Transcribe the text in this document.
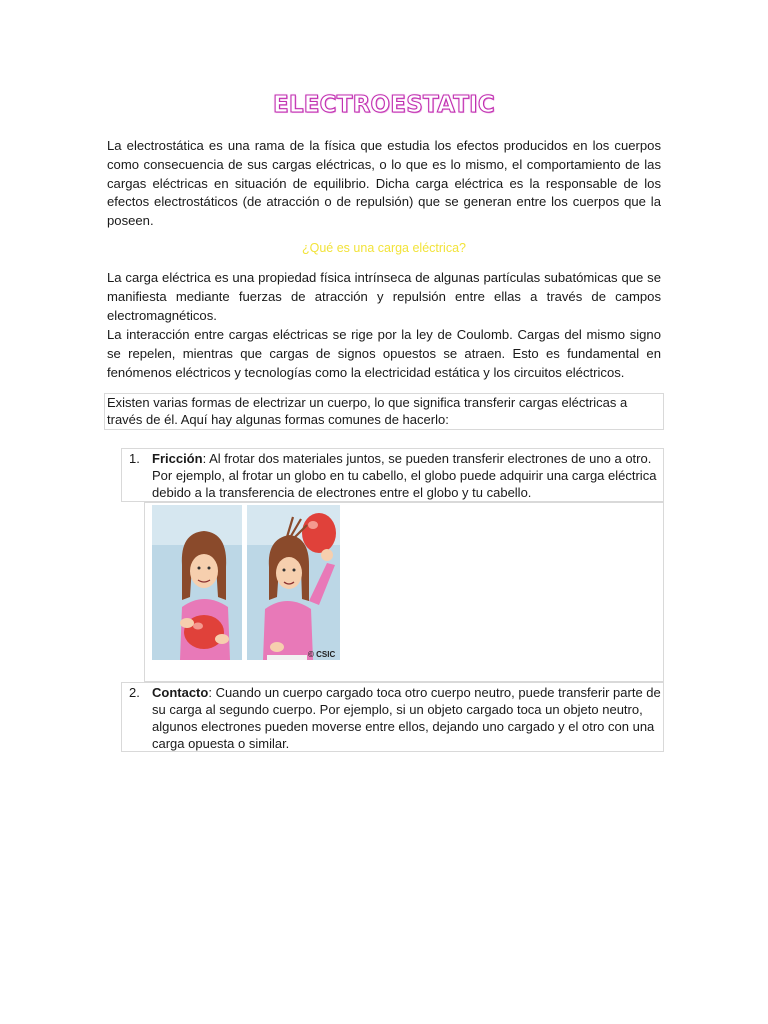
ELECTROESTATIC

La electrostática es una rama de la física que estudia los efectos producidos en los cuerpos como consecuencia de sus cargas eléctricas, o lo que es lo mismo, el comportamiento de las cargas eléctricas en situación de equilibrio. Dicha carga eléctrica es la responsable de los efectos electrostáticos (de atracción o de repulsión) que se generan entre los cuerpos que la poseen.

¿Qué es una carga eléctrica?

La carga eléctrica es una propiedad física intrínseca de algunas partículas subatómicas que se manifiesta mediante fuerzas de atracción y repulsión entre ellas a través de campos electromagnéticos.

La interacción entre cargas eléctricas se rige por la ley de Coulomb. Cargas del mismo signo se repelen, mientras que cargas de signos opuestos se atraen. Esto es fundamental en fenómenos eléctricos y tecnologías como la electricidad estática y los circuitos eléctricos.

Existen varias formas de electrizar un cuerpo, lo que significa transferir cargas eléctricas a través de él. Aquí hay algunas formas comunes de hacerlo:

1. Fricción: Al frotar dos materiales juntos, se pueden transferir electrones de uno a otro. Por ejemplo, al frotar un globo en tu cabello, el globo puede adquirir una carga eléctrica debido a la transferencia de electrones entre el globo y tu cabello.

© CSIC
2. Contacto: Cuando un cuerpo cargado toca otro cuerpo neutro, puede transferir parte de su carga al segundo cuerpo. Por ejemplo, si un objeto cargado toca un objeto neutro, algunos electrones pueden moverse entre ellos, dejando uno cargado y el otro con una carga opuesta o similar.
